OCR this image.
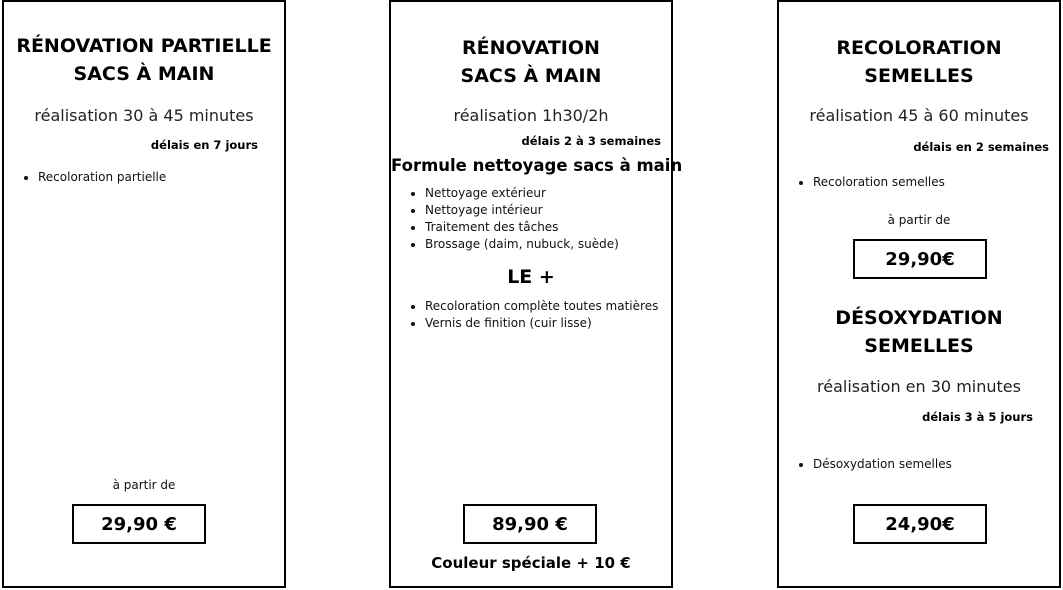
RÉNOVATION PARTIELLE
SACS À MAIN
réalisation 30 à 45 minutes
délais en 7 jours
• Recoloration partielle
à partir de
29,90 €
RÉNOVATION
SACS À MAIN
réalisation 1h30/2h
délais 2 à 3 semaines
Formule nettoyage sacs à main
• Nettoyage extérieur
• Nettoyage intérieur
• Traitement des tâches
• Brossage (daim, nubuck, suède)
LE +
• Recoloration complète toutes matières
• Vernis de finition (cuir lisse)
89,90 €
Couleur spéciale + 10 €
RECOLORATION
SEMELLES
réalisation 45 à 60 minutes
délais en 2 semaines
• Recoloration semelles
à partir de
29,90€
DÉSOXYDATION
SEMELLES
réalisation en 30 minutes
délais 3 à 5 jours
• Désoxydation semelles
24,90€
